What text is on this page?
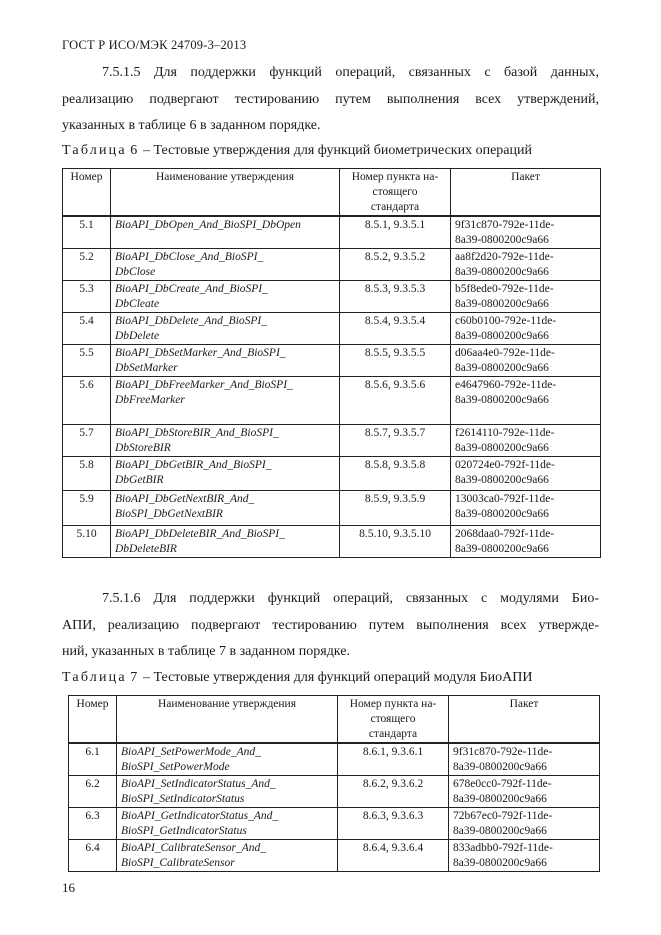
ГОСТ Р ИСО/МЭК 24709-3–2013
7.5.1.5 Для поддержки функций операций, связанных с базой данных,
реализацию подвергают тестированию путем выполнения всех утверждений,
указанных в таблице 6 в заданном порядке.
Таблица 6 – Тестовые утверждения для функций биометрических операций
Номер	Наименование утверждения	Номер пункта на-
стоящего
стандарта	Пакет
5.1	BioAPI_DbOpen_And_BioSPI_DbOpen	8.5.1, 9.3.5.1	9f31c870-792e-11de-
8a39-0800200c9a66

5.2	BioAPI_DbClose_And_BioSPI_
DbClose	8.5.2, 9.3.5.2	aa8f2d20-792e-11de-
8a39-0800200c9a66

5.3	BioAPI_DbCreate_And_BioSPI_
DbCleate	8.5.3, 9.3.5.3	b5f8ede0-792e-11de-
8a39-0800200c9a66

5.4	BioAPI_DbDelete_And_BioSPI_
DbDelete	8.5.4, 9.3.5.4	c60b0100-792e-11de-
8a39-0800200c9a66

5.5	BioAPI_DbSetMarker_And_BioSPI_
DbSetMarker	8.5.5, 9.3.5.5	d06aa4e0-792e-11de-
8a39-0800200c9a66

5.6	BioAPI_DbFreeMarker_And_BioSPI_
DbFreeMarker	8.5.6, 9.3.5.6	e4647960-792e-11de-
8a39-0800200c9a66

5.7	BioAPI_DbStoreBIR_And_BioSPI_
DbStoreBIR	8.5.7, 9.3.5.7	f2614110-792e-11de-
8a39-0800200c9a66

5.8	BioAPI_DbGetBIR_And_BioSPI_
DbGetBIR	8.5.8, 9.3.5.8	020724e0-792f-11de-
8a39-0800200c9a66

5.9	BioAPI_DbGetNextBIR_And_
BioSPI_DbGetNextBIR	8.5.9, 9.3.5.9	13003ca0-792f-11de-
8a39-0800200c9a66

5.10	BioAPI_DbDeleteBIR_And_BioSPI_
DbDeleteBIR	8.5.10, 9.3.5.10	2068daa0-792f-11de-
8a39-0800200c9a66
7.5.1.6 Для поддержки функций операций, связанных с модулями Био-
АПИ, реализацию подвергают тестированию путем выполнения всех утвержде-
ний, указанных в таблице 7 в заданном порядке.
Таблица 7 – Тестовые утверждения для функций операций модуля БиоАПИ
Номер	Наименование утверждения	Номер пункта на-
стоящего
стандарта	Пакет
6.1	BioAPI_SetPowerMode_And_
BioSPI_SetPowerMode	8.6.1, 9.3.6.1	9f31c870-792e-11de-
8a39-0800200c9a66

6.2	BioAPI_SetIndicatorStatus_And_
BioSPI_SetIndicatorStatus	8.6.2, 9.3.6.2	678e0cc0-792f-11de-
8a39-0800200c9a66

6.3	BioAPI_GetIndicatorStatus_And_
BioSPI_GetIndicatorStatus	8.6.3, 9.3.6.3	72b67ec0-792f-11de-
8a39-0800200c9a66

6.4	BioAPI_CalibrateSensor_And_
BioSPI_CalibrateSensor	8.6.4, 9.3.6.4	833adbb0-792f-11de-
8a39-0800200c9a66
16
